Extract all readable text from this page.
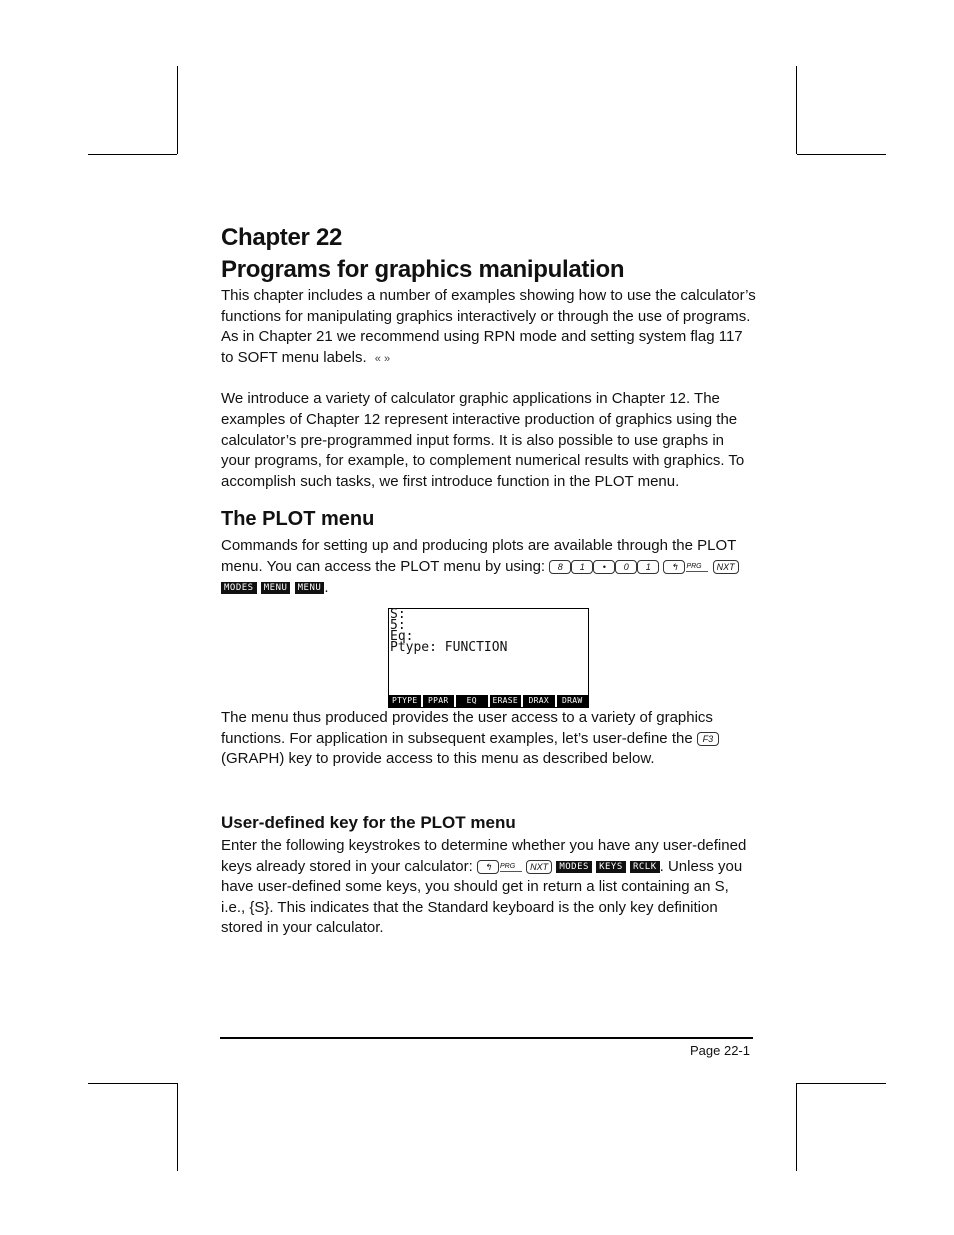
Chapter 22
Programs for graphics manipulation

This chapter includes a number of examples showing how to use the calculator’s functions for manipulating graphics interactively or through the use of programs. As in Chapter 21 we recommend using RPN mode and setting system flag 117 to SOFT menu labels. « »

We introduce a variety of calculator graphic applications in Chapter 12. The examples of Chapter 12 represent interactive production of graphics using the calculator’s pre-programmed input forms. It is also possible to use graphs in your programs, for example, to complement numerical results with graphics. To accomplish such tasks, we first introduce function in the PLOT menu.

The PLOT menu

Commands for setting up and producing plots are available through the PLOT menu. You can access the PLOT menu by using: 8 1 • 0 1 ↰ PRG NXT MODES MENU MENU .

S:
5:
Eq:
Ptype: FUNCTION
PTYPE	PPAR	EQ	ERASE	DRAX	DRAW

The menu thus produced provides the user access to a variety of graphics functions. For application in subsequent examples, let’s user-define the F3 (GRAPH) key to provide access to this menu as described below.

User-defined key for the PLOT menu

Enter the following keystrokes to determine whether you have any user-defined keys already stored in your calculator: ↰ PRG NXT MODES KEYS RCLK . Unless you have user-defined some keys, you should get in return a list containing an S, i.e., {S}. This indicates that the Standard keyboard is the only key definition stored in your calculator.

Page 22-1
